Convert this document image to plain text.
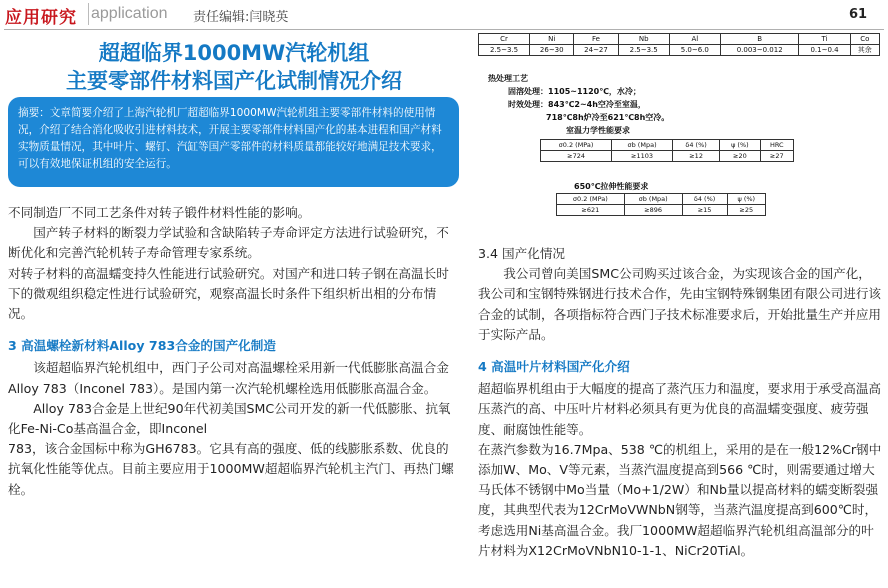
应用研究 application 责任编辑:闫晓英	61
超超临界1000MW汽轮机组
主要零部件材料国产化试制情况介绍
摘要：文章简要介绍了上海汽轮机厂超超临界1000MW汽轮机组主要零部件材料的使用情况，介绍了结合消化吸收引进材料技术，开展主要零部件材料国产化的基本进程和国产材料实物质量情况，其中叶片、螺钉、汽缸等国产零部件的材料质量都能较好地满足技术要求，可以有效地保证机组的安全运行。

不同制造厂不同工艺条件对转子锻件材料性能的影响。

国产转子材料的断裂力学试验和含缺陷转子寿命评定方法进行试验研究，不断优化和完善汽轮机转子寿命管理专家系统。

对转子材料的高温蠕变持久性能进行试验研究。对国产和进口转子钢在高温长时下的微观组织稳定性进行试验研究，观察高温长时条件下组织析出相的分布情况。

3 高温螺栓新材料Alloy 783合金的国产化制造

该超超临界汽轮机组中，西门子公司对高温螺栓采用新一代低膨胀高温合金Alloy 783（Inconel 783）。是国内第一次汽轮机螺栓选用低膨胀高温合金。

Alloy 783合金是上世纪90年代初美国SMC公司开发的新一代低膨胀、抗氧化Fe-Ni-Co基高温合金，即Inconel

783，该合金国标中称为GH6783。它具有高的强度、低的线膨胀系数、优良的抗氧化性能等优点。目前主要应用于1000MW超超临界汽轮机主汽门、再热门螺栓。

Cr	Ni	Fe	Nb	Al	B	Ti	Co
2.5~3.5	26~30	24~27	2.5~3.5	5.0~6.0	0.003~0.012	0.1~0.4	其余
热处理工艺
固溶处理：1105~1120℃，水冷；
时效处理：843℃2~4h空冷至室温，
718℃8h炉冷至621℃8h空冷。
室温力学性能要求
σ0.2 (MPa)	σb (Mpa)	δ4 (%)	ψ (%)	HRC
≥724	≥1103	≥12	≥20	≥27
650℃拉伸性能要求
σ0.2 (MPa)	σb (Mpa)	δ4 (%)	ψ (%)
≥621	≥896	≥15	≥25

3.4 国产化情况

我公司曾向美国SMC公司购买过该合金，为实现该合金的国产化，我公司和宝钢特殊钢进行技术合作，先由宝钢特殊钢集团有限公司进行该合金的试制，各项指标符合西门子技术标准要求后，开始批量生产并应用于实际产品。

4 高温叶片材料国产化介绍

超超临界机组由于大幅度的提高了蒸汽压力和温度，要求用于承受高温高压蒸汽的高、中压叶片材料必须具有更为优良的高温蠕变强度、疲劳强度、耐腐蚀性能等。

在蒸汽参数为16.7Mpa、538 ℃的机组上，采用的是在一般12%Cr钢中添加W、Mo、V等元素，当蒸汽温度提高到566 ℃时，则需要通过增大马氏体不锈钢中Mo当量（Mo+1/2W）和Nb量以提高材料的蠕变断裂强度，其典型代表为12CrMoVWNbN钢等，当蒸汽温度提高到600℃时，考虑选用Ni基高温合金。我厂1000MW超超临界汽轮机组高温部分的叶片材料为X12CrMoVNbN10-1-1、NiCr20TiAl。
